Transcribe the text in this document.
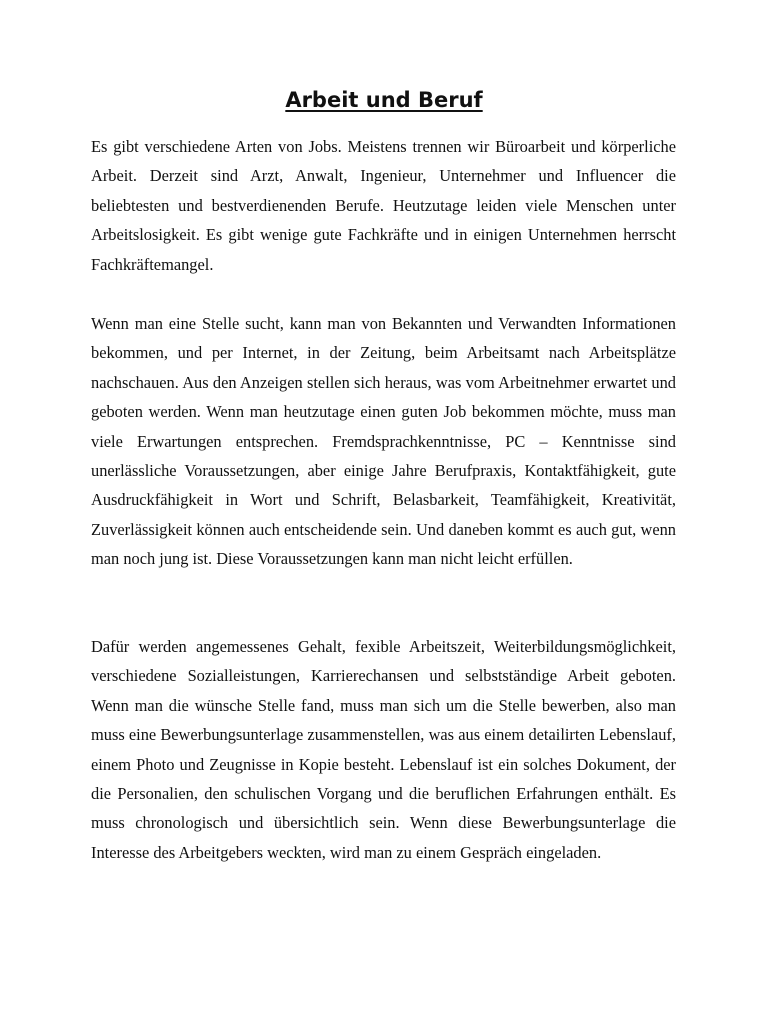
Arbeit und Beruf

Es gibt verschiedene Arten von Jobs. Meistens trennen wir Büroarbeit und körperliche Arbeit. Derzeit sind Arzt, Anwalt, Ingenieur, Unternehmer und Influencer die beliebtesten und bestverdienenden Berufe. Heutzutage leiden viele Menschen unter Arbeitslosigkeit. Es gibt wenige gute Fachkräfte und in einigen Unternehmen herrscht Fachkräftemangel.

Wenn man eine Stelle sucht, kann man von Bekannten und Verwandten Informationen bekommen, und per Internet, in der Zeitung, beim Arbeitsamt nach Arbeitsplätze nachschauen. Aus den Anzeigen stellen sich heraus, was vom Arbeitnehmer erwartet und geboten werden. Wenn man heutzutage einen guten Job bekommen möchte, muss man viele Erwartungen entsprechen. Fremdsprachkenntnisse, PC – Kenntnisse sind unerlässliche Voraussetzungen, aber einige Jahre Berufpraxis, Kontaktfähigkeit, gute Ausdruckfähigkeit in Wort und Schrift, Belasbarkeit, Teamfähigkeit, Kreativität, Zuverlässigkeit können auch entscheidende sein. Und daneben kommt es auch gut, wenn man noch jung ist. Diese Voraussetzungen kann man nicht leicht erfüllen.

Dafür werden angemessenes Gehalt, fexible Arbeitszeit, Weiterbildungsmöglichkeit, verschiedene Sozialleistungen, Karrierechansen und selbstständige Arbeit geboten. Wenn man die wünsche Stelle fand, muss man sich um die Stelle bewerben, also man muss eine Bewerbungsunterlage zusammenstellen, was aus einem detailirten Lebenslauf, einem Photo und Zeugnisse in Kopie besteht. Lebenslauf ist ein solches Dokument, der die Personalien, den schulischen Vorgang und die beruflichen Erfahrungen enthält. Es muss chronologisch und übersichtlich sein. Wenn diese Bewerbungsunterlage die Interesse des Arbeitgebers weckten, wird man zu einem Gespräch eingeladen.
